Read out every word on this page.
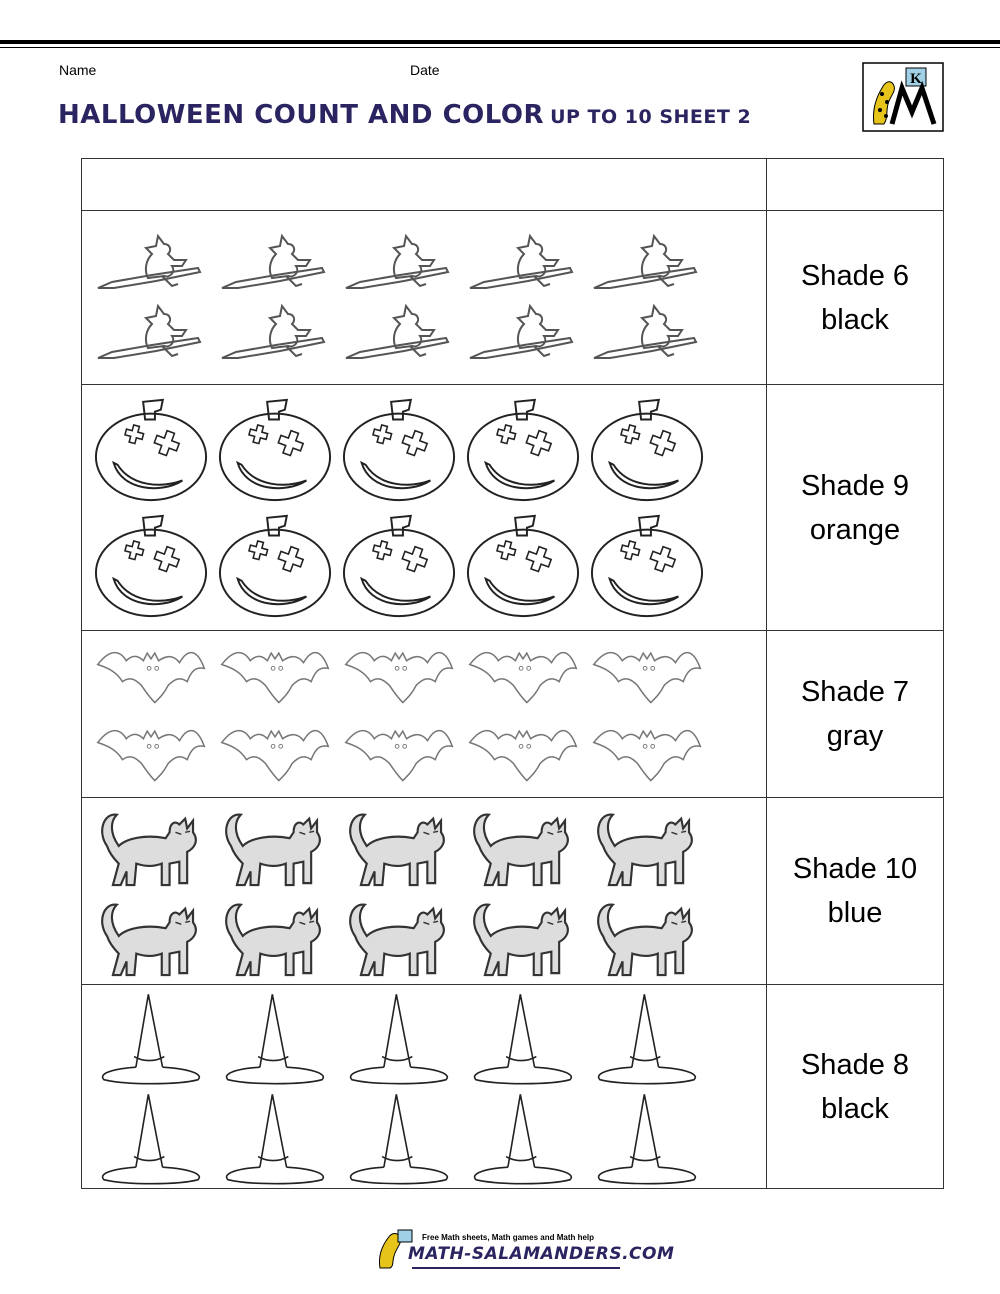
Name	Date
HALLOWEEN COUNT AND COLOR UP TO 10 SHEET 2
K

Shade 6
black

Shade 9
orange

Shade 7
gray

Shade 10
blue

Shade 8
black
Free Math sheets, Math games and Math help
MATH-SALAMANDERS.COM
